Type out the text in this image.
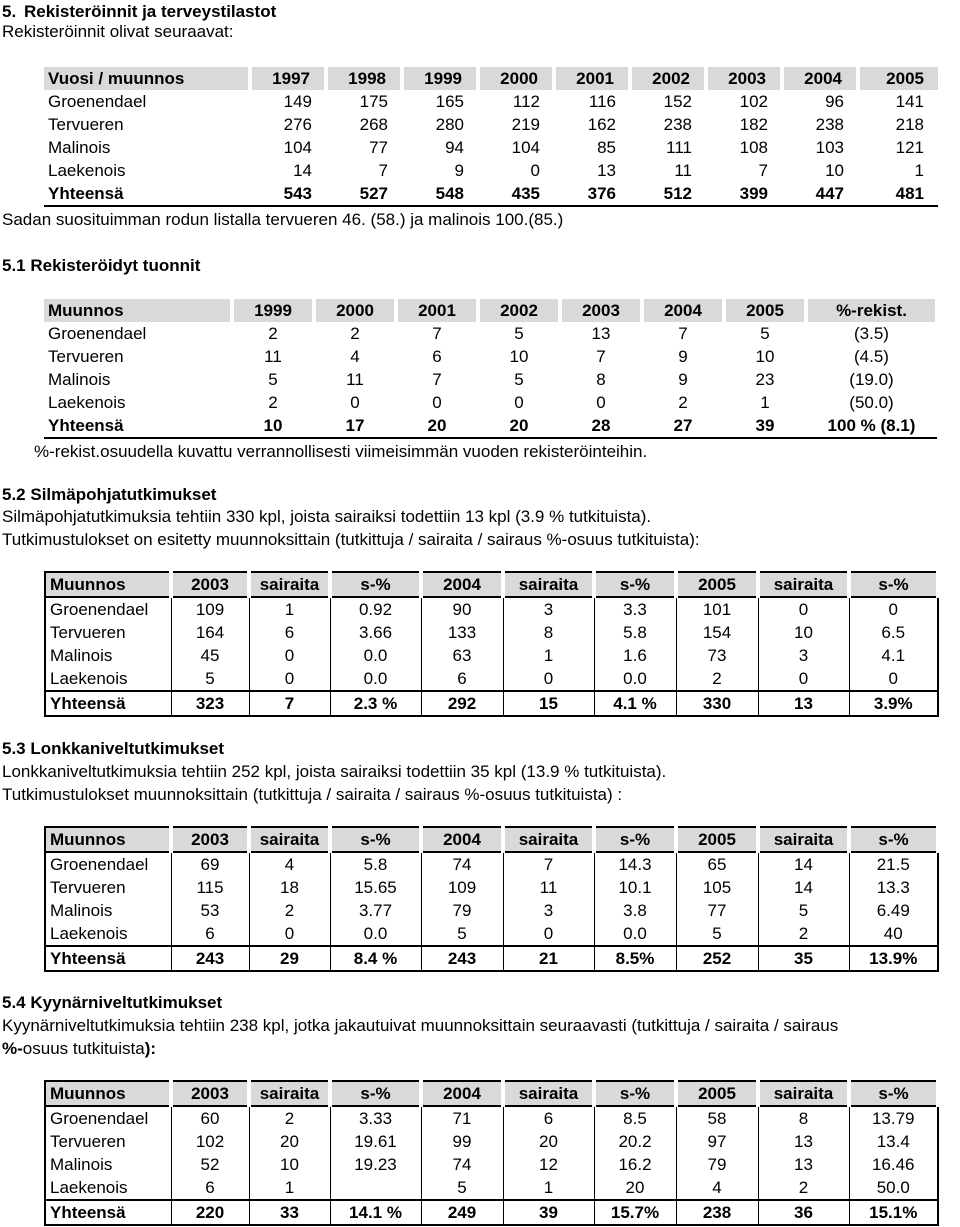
5. Rekisteröinnit ja terveystilastot
Rekisteröinnit olivat seuraavat:
Vuosi / muunnos	1997	1998	1999	2000	2001	2002	2003	2004	2005
Groenendael	149	175	165	112	116	152	102	96	141
Tervueren	276	268	280	219	162	238	182	238	218
Malinois	104	77	94	104	85	111	108	103	121
Laekenois	14	7	9	0	13	11	7	10	1
Yhteensä	543	527	548	435	376	512	399	447	481
Sadan suosituimman rodun listalla tervueren 46. (58.) ja malinois 100.(85.)
5.1 Rekisteröidyt tuonnit
Muunnos	1999	2000	2001	2002	2003	2004	2005	%-rekist.
Groenendael	2	2	7	5	13	7	5	(3.5)
Tervueren	11	4	6	10	7	9	10	(4.5)
Malinois	5	11	7	5	8	9	23	(19.0)
Laekenois	2	0	0	0	0	2	1	(50.0)
Yhteensä	10	17	20	20	28	27	39	100 % (8.1)
%-rekist.osuudella kuvattu verrannollisesti viimeisimmän vuoden rekisteröinteihin.
5.2 Silmäpohjatutkimukset
Silmäpohjatutkimuksia tehtiin 330 kpl, joista sairaiksi todettiin 13 kpl (3.9 % tutkituista).
Tutkimustulokset on esitetty muunnoksittain (tutkittuja / sairaita / sairaus %-osuus tutkituista):
Muunnos	2003	sairaita	s-%	2004	sairaita	s-%	2005	sairaita	s-%
Groenendael	109	1	0.92	90	3	3.3	101	0	0
Tervueren	164	6	3.66	133	8	5.8	154	10	6.5
Malinois	45	0	0.0	63	1	1.6	73	3	4.1
Laekenois	5	0	0.0	6	0	0.0	2	0	0
Yhteensä	323	7	2.3 %	292	15	4.1 %	330	13	3.9%
5.3 Lonkkaniveltutkimukset
Lonkkaniveltutkimuksia tehtiin 252 kpl, joista sairaiksi todettiin 35 kpl (13.9 % tutkituista).
Tutkimustulokset muunnoksittain (tutkittuja / sairaita / sairaus %-osuus tutkituista) :
Muunnos	2003	sairaita	s-%	2004	sairaita	s-%	2005	sairaita	s-%
Groenendael	69	4	5.8	74	7	14.3	65	14	21.5
Tervueren	115	18	15.65	109	11	10.1	105	14	13.3
Malinois	53	2	3.77	79	3	3.8	77	5	6.49
Laekenois	6	0	0.0	5	0	0.0	5	2	40
Yhteensä	243	29	8.4 %	243	21	8.5%	252	35	13.9%
5.4 Kyynärniveltutkimukset
Kyynärniveltutkimuksia tehtiin 238 kpl, jotka jakautuivat muunnoksittain seuraavasti (tutkittuja / sairaita / sairaus
%-osuus tutkituista):
Muunnos	2003	sairaita	s-%	2004	sairaita	s-%	2005	sairaita	s-%
Groenendael	60	2	3.33	71	6	8.5	58	8	13.79
Tervueren	102	20	19.61	99	20	20.2	97	13	13.4
Malinois	52	10	19.23	74	12	16.2	79	13	16.46
Laekenois	6	1		5	1	20	4	2	50.0
Yhteensä	220	33	14.1 %	249	39	15.7%	238	36	15.1%
